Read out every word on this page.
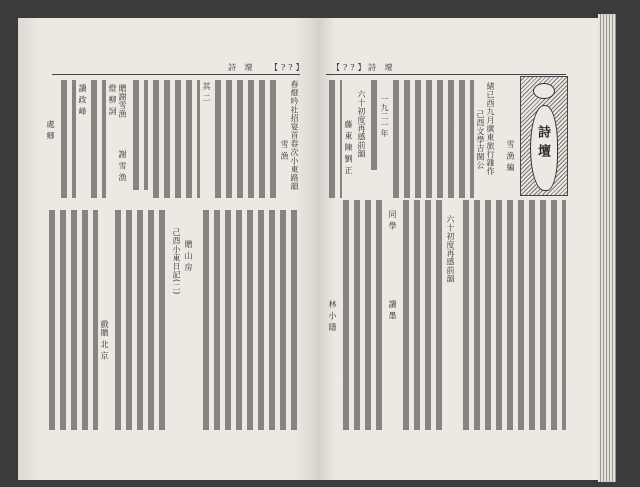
詩 壇 【??】
春燈吟社招宴首春次小東路韻
雪 漁
其 二
燈 柳 詞 贈謝雪漁
謝 雪 漁
讀 政 峰
處 鄉
己酉小東日記(二) 贈 山 房
戲贈 北 京
【??】 詩 壇
詩壇
雪 漁 編
緒已酉九月廣東旅行雜作
己酉文學吉閩公
一九二一年
六十初度再感前韻
藤 東 陳 劉 正
六十初度再感前韻
同 學
讀 墨
林 小 隱
